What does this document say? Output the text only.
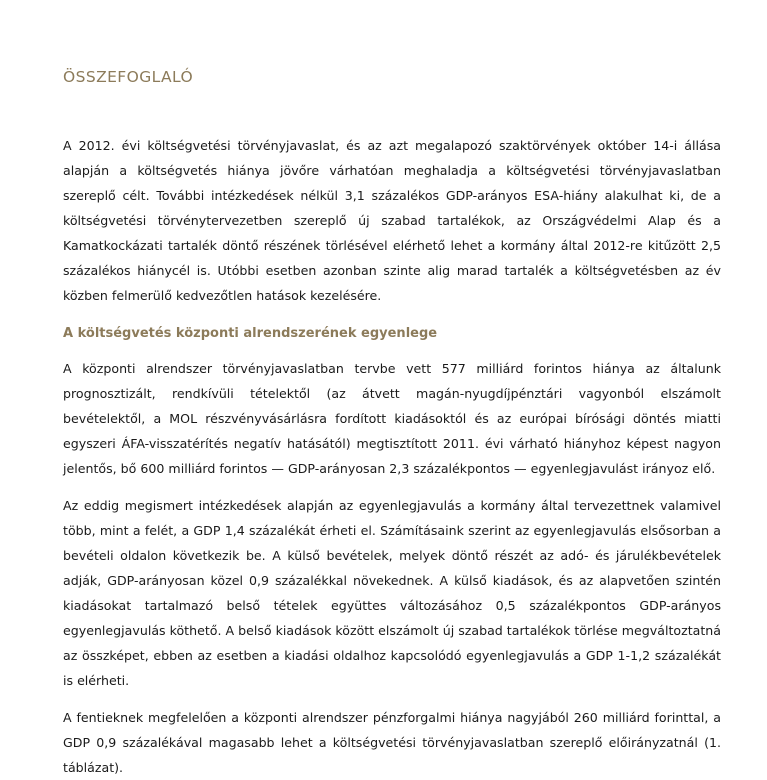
ÖSSZEFOGLALÓ

A 2012. évi költségvetési törvényjavaslat, és az azt megalapozó szaktörvények október 14-i állása alapján a költségvetés hiánya jövőre várhatóan meghaladja a költségvetési törvényjavaslatban szereplő célt. További intézkedések nélkül 3,1 százalékos GDP-arányos ESA-hiány alakulhat ki, de a költségvetési törvénytervezetben szereplő új szabad tartalékok, az Országvédelmi Alap és a Kamatkockázati tartalék döntő részének törlésével elérhető lehet a kormány által 2012-re kitűzött 2,5 százalékos hiánycél is. Utóbbi esetben azonban szinte alig marad tartalék a költségvetésben az év közben felmerülő kedvezőtlen hatások kezelésére.

A költségvetés központi alrendszerének egyenlege

A központi alrendszer törvényjavaslatban tervbe vett 577 milliárd forintos hiánya az általunk prognosztizált, rendkívüli tételektől (az átvett magán-nyugdíjpénztári vagyonból elszámolt bevételektől, a MOL részvényvásárlásra fordított kiadásoktól és az európai bírósági döntés miatti egyszeri ÁFA-visszatérítés negatív hatásától) megtisztított 2011. évi várható hiányhoz képest nagyon jelentős, bő 600 milliárd forintos — GDP-arányosan 2,3 százalékpontos — egyenlegjavulást irányoz elő.

Az eddig megismert intézkedések alapján az egyenlegjavulás a kormány által tervezettnek valamivel több, mint a felét, a GDP 1,4 százalékát érheti el. Számításaink szerint az egyenlegjavulás elsősorban a bevételi oldalon következik be. A külső bevételek, melyek döntő részét az adó- és járulékbevételek adják, GDP-arányosan közel 0,9 százalékkal növekednek. A külső kiadások, és az alapvetően szintén kiadásokat tartalmazó belső tételek együttes változásához 0,5 százalékpontos GDP-arányos egyenlegjavulás köthető. A belső kiadások között elszámolt új szabad tartalékok törlése megváltoztatná az összképet, ebben az esetben a kiadási oldalhoz kapcsolódó egyenlegjavulás a GDP 1-1,2 százalékát is elérheti.

A fentieknek megfelelően a központi alrendszer pénzforgalmi hiánya nagyjából 260 milliárd forinttal, a GDP 0,9 százalékával magasabb lehet a költségvetési törvényjavaslatban szereplő előirányzatnál (1. táblázat).
